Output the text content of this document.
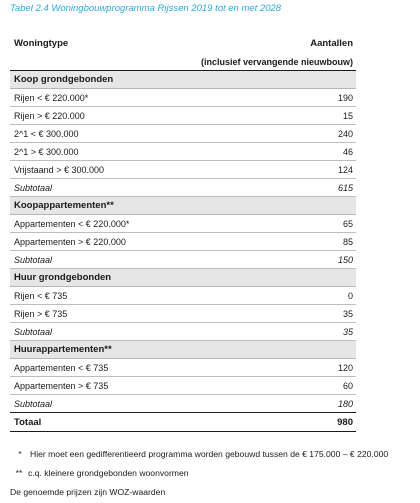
Tabel 2.4 Woningbouwprogramma Rijssen 2019 tot en met 2028
Woningtype	Aantallen
(inclusief vervangende nieuwbouw)
Koop grondgebonden
Rijen < € 220.000*	190
Rijen > € 220.000	15
2^1 < € 300.000	240
2^1 > € 300.000	46
Vrijstaand > € 300.000	124
Subtotaal	615
Koopappartementen**
Appartementen < € 220.000*	65
Appartementen > € 220.000	85
Subtotaal	150
Huur grondgebonden
Rijen < € 735	0
Rijen > € 735	35
Subtotaal	35
Huurappartementen**
Appartementen < € 735	120
Appartementen > € 735	60
Subtotaal	180
Totaal	980
* Hier moet een gedifferentieerd programma worden gebouwd tussen de € 175.000 – € 220.000
** c.q. kleinere grondgebonden woonvormen
De genoemde prijzen zijn WOZ-waarden
